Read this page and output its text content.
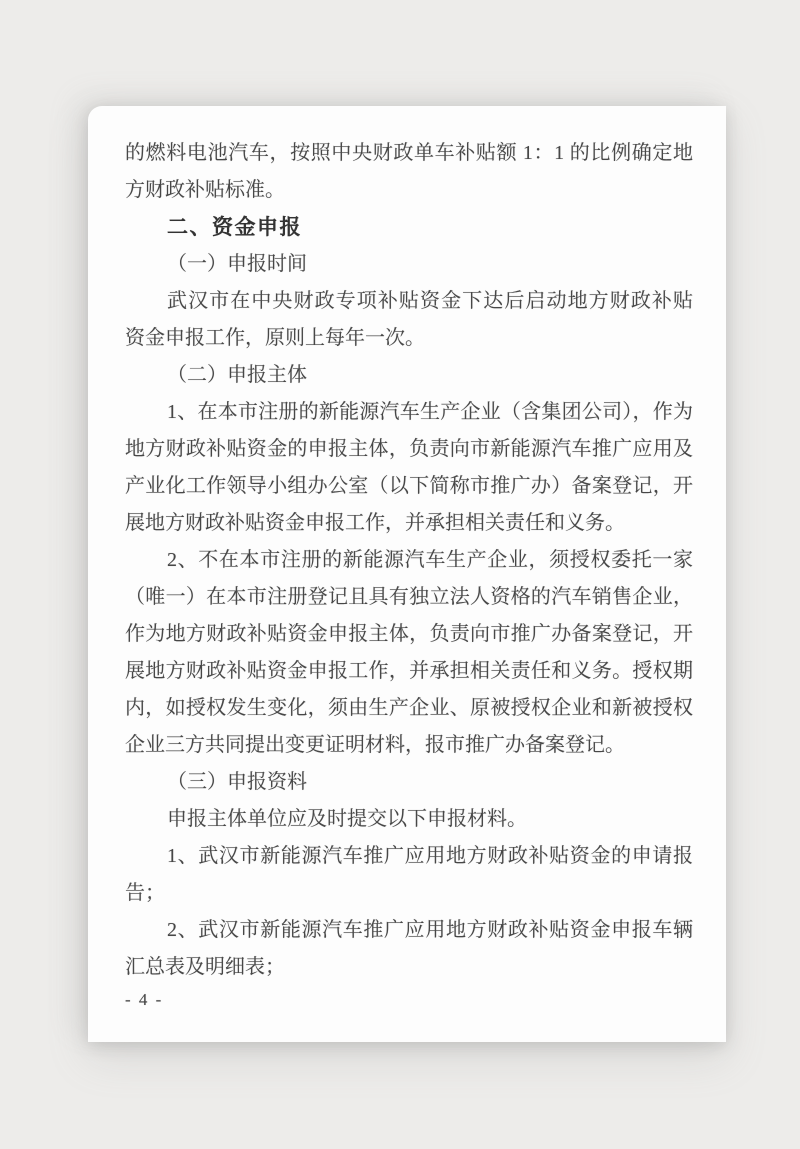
的燃料电池汽车，按照中央财政单车补贴额 1：1 的比例确定地
方财政补贴标准。
二、资金申报
（一）申报时间
武汉市在中央财政专项补贴资金下达后启动地方财政补贴
资金申报工作，原则上每年一次。
（二）申报主体
1、在本市注册的新能源汽车生产企业（含集团公司），作为
地方财政补贴资金的申报主体，负责向市新能源汽车推广应用及
产业化工作领导小组办公室（以下简称市推广办）备案登记，开
展地方财政补贴资金申报工作，并承担相关责任和义务。
2、不在本市注册的新能源汽车生产企业，须授权委托一家
（唯一）在本市注册登记且具有独立法人资格的汽车销售企业，
作为地方财政补贴资金申报主体，负责向市推广办备案登记，开
展地方财政补贴资金申报工作，并承担相关责任和义务。授权期
内，如授权发生变化，须由生产企业、原被授权企业和新被授权
企业三方共同提出变更证明材料，报市推广办备案登记。
（三）申报资料
申报主体单位应及时提交以下申报材料。
1、武汉市新能源汽车推广应用地方财政补贴资金的申请报
告；
2、武汉市新能源汽车推广应用地方财政补贴资金申报车辆
汇总表及明细表；
- 4 -
